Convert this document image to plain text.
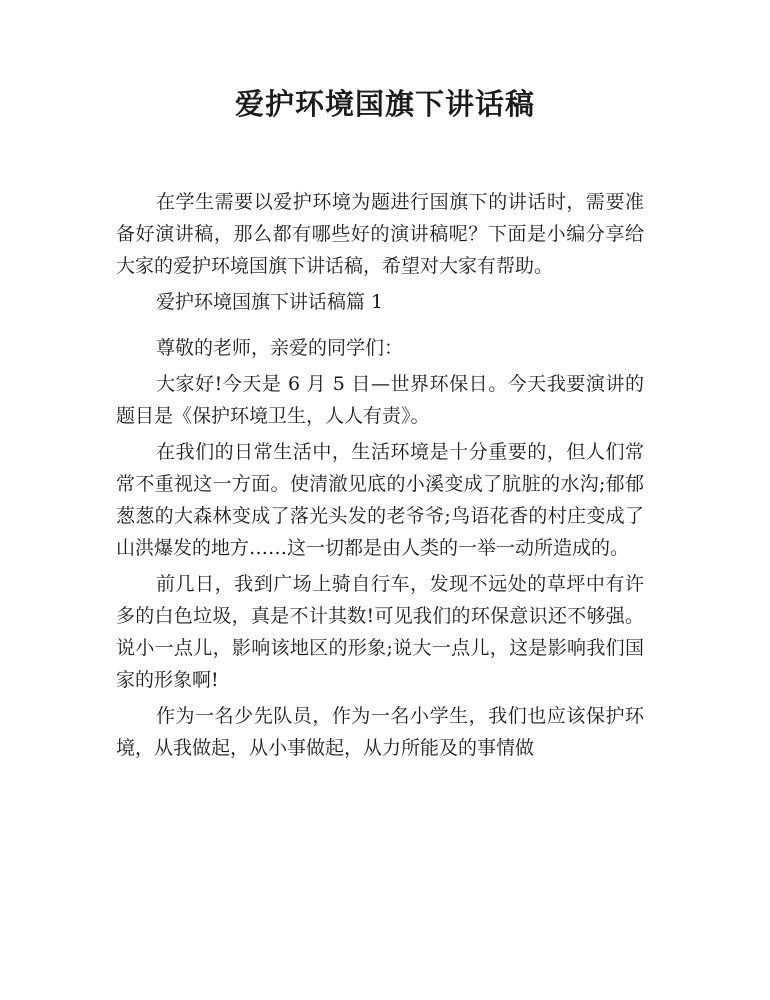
爱护环境国旗下讲话稿

在学生需要以爱护环境为题进行国旗下的讲话时，需要准备好演讲稿，那么都有哪些好的演讲稿呢？下面是小编分享给大家的爱护环境国旗下讲话稿，希望对大家有帮助。

爱护环境国旗下讲话稿篇 1

尊敬的老师，亲爱的同学们：

大家好!今天是 6 月 5 日—世界环保日。今天我要演讲的题目是《保护环境卫生，人人有责》。

在我们的日常生活中，生活环境是十分重要的，但人们常常不重视这一方面。使清澈见底的小溪变成了肮脏的水沟;郁郁葱葱的大森林变成了落光头发的老爷爷;鸟语花香的村庄变成了山洪爆发的地方……这一切都是由人类的一举一动所造成的。

前几日，我到广场上骑自行车，发现不远处的草坪中有许多的白色垃圾，真是不计其数!可见我们的环保意识还不够强。说小一点儿，影响该地区的形象;说大一点儿，这是影响我们国家的形象啊!

作为一名少先队员，作为一名小学生，我们也应该保护环境，从我做起，从小事做起，从力所能及的事情做
